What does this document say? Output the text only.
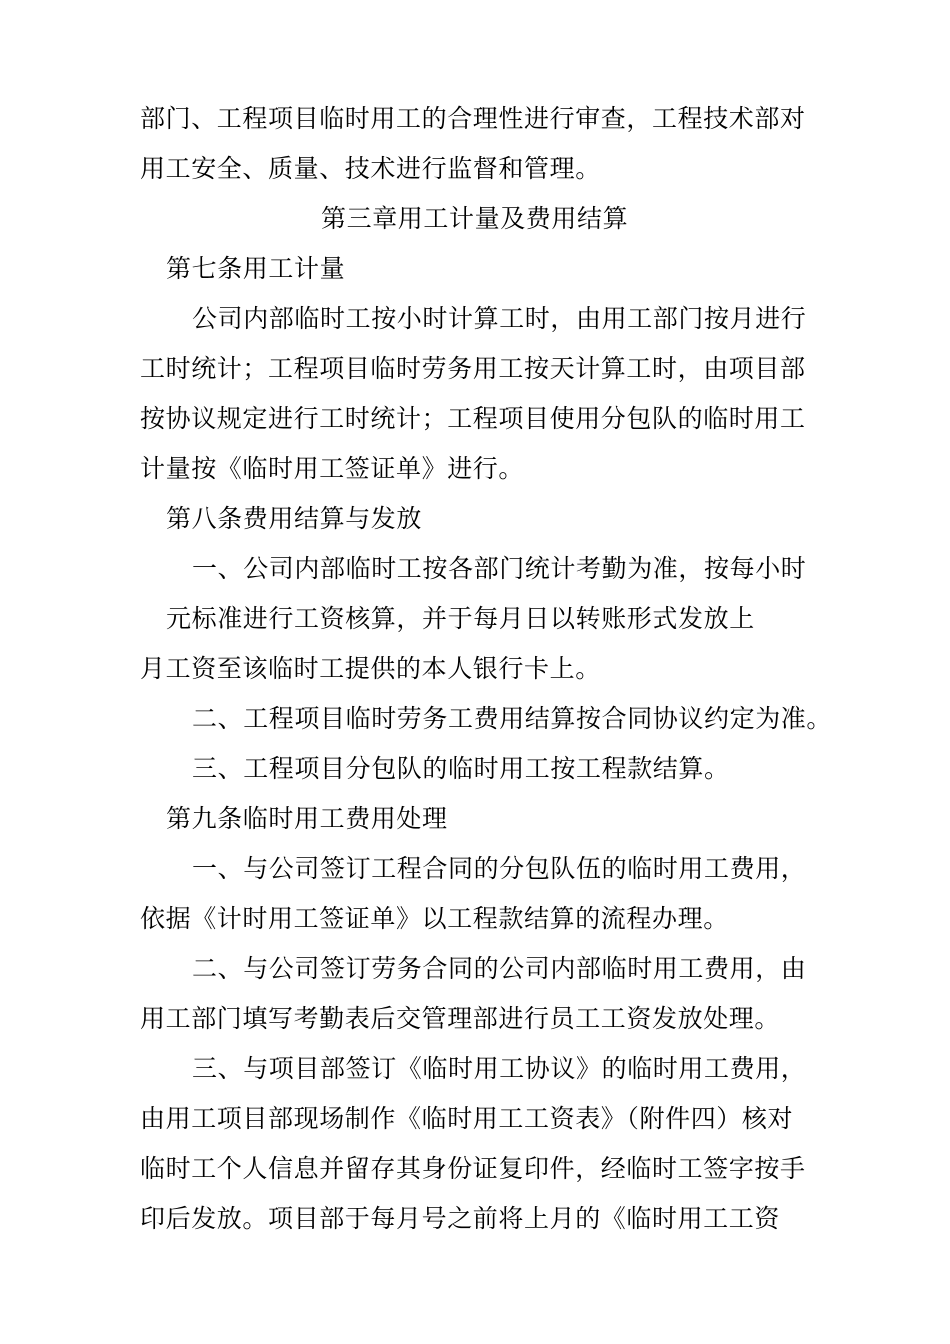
部门、工程项目临时用工的合理性进行审查，工程技术部对
用工安全、质量、技术进行监督和管理。
第三章用工计量及费用结算
第七条用工计量
公司内部临时工按小时计算工时，由用工部门按月进行
工时统计；工程项目临时劳务用工按天计算工时，由项目部
按协议规定进行工时统计；工程项目使用分包队的临时用工
计量按《临时用工签证单》进行。
第八条费用结算与发放
一、公司内部临时工按各部门统计考勤为准，按每小时
元标准进行工资核算，并于每月日以转账形式发放上
月工资至该临时工提供的本人银行卡上。
二、工程项目临时劳务工费用结算按合同协议约定为准。
三、工程项目分包队的临时用工按工程款结算。
第九条临时用工费用处理
一、与公司签订工程合同的分包队伍的临时用工费用，
依据《计时用工签证单》以工程款结算的流程办理。
二、与公司签订劳务合同的公司内部临时用工费用，由
用工部门填写考勤表后交管理部进行员工工资发放处理。
三、与项目部签订《临时用工协议》的临时用工费用，
由用工项目部现场制作《临时用工工资表》（附件四）核对
临时工个人信息并留存其身份证复印件，经临时工签字按手
印后发放。项目部于每月号之前将上月的《临时用工工资
